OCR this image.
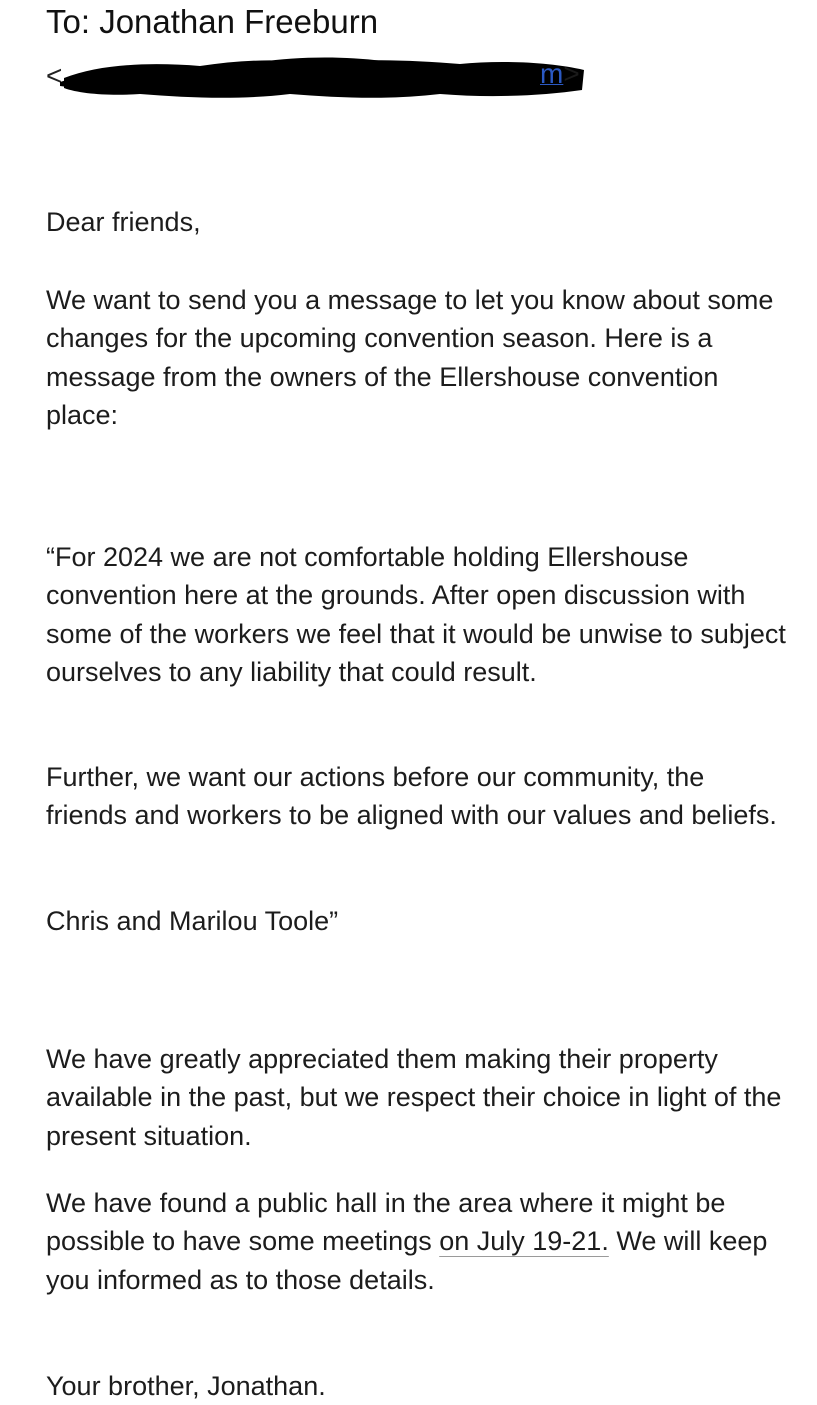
To: Jonathan Freeburn
<	m>

Dear friends,

We want to send you a message to let you know about some changes for the upcoming convention season. Here is a message from the owners of the Ellershouse convention place:

“For 2024 we are not comfortable holding Ellershouse convention here at the grounds. After open discussion with some of the workers we feel that it would be unwise to subject ourselves to any liability that could result.

Further, we want our actions before our community, the friends and workers to be aligned with our values and beliefs.

Chris and Marilou Toole”

We have greatly appreciated them making their property available in the past, but we respect their choice in light of the present situation.

We have found a public hall in the area where it might be possible to have some meetings on July 19-21. We will keep you informed as to those details.

Your brother, Jonathan.
